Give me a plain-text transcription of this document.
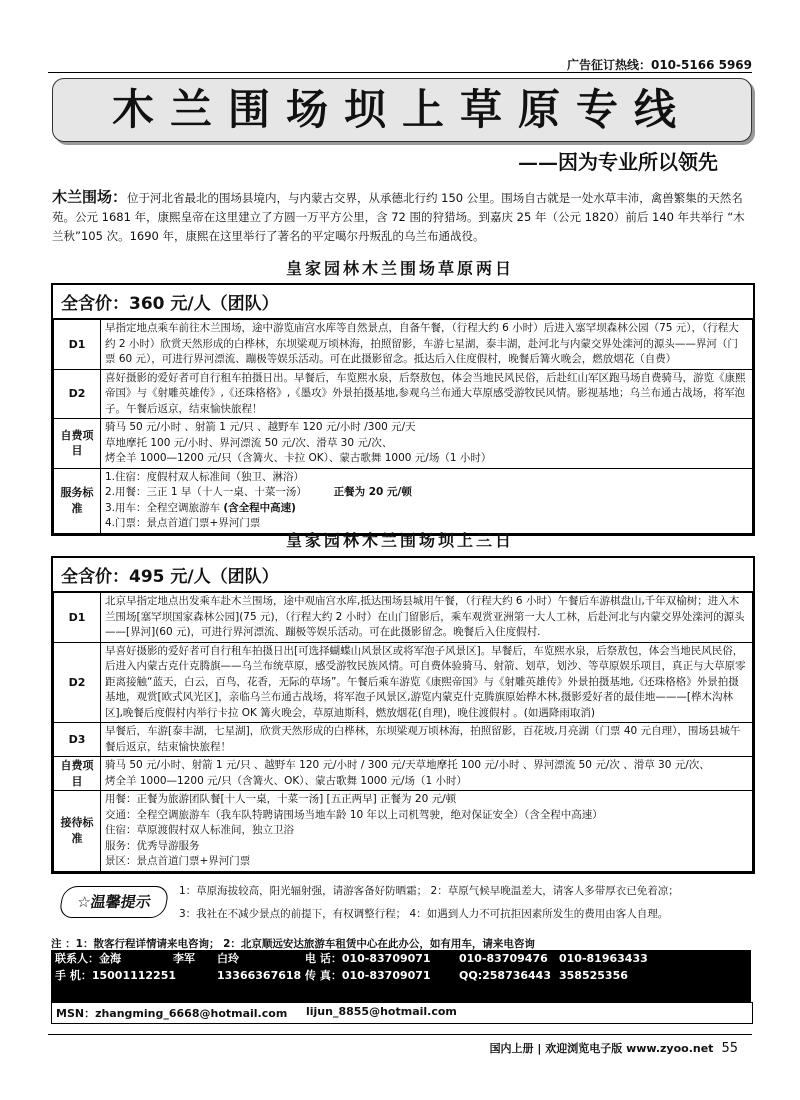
广告征订热线：010-5166 5969
木兰围场坝上草原专线
——因为专业所以领先
木兰围场：位于河北省最北的围场县境内，与内蒙古交界，从承德北行约 150 公里。围场自古就是一处水草丰沛，禽兽繁集的天然名苑。公元 1681 年，康熙皇帝在这里建立了方圆一万平方公里，含 72 围的狩猎场。到嘉庆 25 年（公元 1820）前后 140 年共举行 “木兰秋”105 次。1690 年，康熙在这里举行了著名的平定噶尔丹叛乱的乌兰布通战役。
皇家园林木兰围场草原两日
全含价：360 元/人（团队）
D1	早指定地点乘车前往木兰围场，途中游览庙宫水库等自然景点，自备午餐，（行程大约 6 小时）后进入塞罕坝森林公园（75 元），（行程大约 2 小时）欣赏天然形成的白桦林，东坝梁观万顷林海，拍照留影，车游七星湖，泰丰湖，赴河北与内蒙交界处滦河的源头——界河（门票 60 元），可进行界河漂流、蹦极等娱乐活动。可在此摄影留念。抵达后入住度假村，晚餐后篝火晚会，燃放烟花（自费）
D2	喜好摄影的爱好者可自行租车拍摄日出。早餐后，车览熙水泉，后祭敖包，体会当地民风民俗，后赴红山军区跑马场自费骑马，游览《康熙帝国》与《射雕英雄传》,《还珠格格》,《墨攻》外景拍摄基地,参观乌兰布通大草原感受游牧民风情。影视基地；乌兰布通古战场，将军泡子。午餐后返京，结束愉快旅程！
自费项目	骑马 50 元/小时 、射箭 1 元/只 、越野车 120 元/小时 /300 元/天
草地摩托 100 元/小时、界河漂流 50 元/次、滑草 30 元/次、
烤全羊 1000—1200 元/只（含篝火、卡拉 OK）、蒙古歌舞 1000 元/场（1 小时）

服务标准	1.住宿：度假村双人标准间（独卫、淋浴）
2.用餐：三正 1 早（十人一桌、十菜一汤） 正餐为 20 元/顿
3.用车：全程空调旅游车 (含全程中高速)
4.门票：景点首道门票+界河门票
皇家园林木兰围场坝上三日
全含价：495 元/人（团队）
D1	北京早指定地点出发乘车赴木兰围场，途中观庙宫水库,抵达围场县城用午餐，（行程大约 6 小时）午餐后车游棋盘山,千年双榆树；进入木兰围场[塞罕坝国家森林公园](75 元)，（行程大约 2 小时）在山门留影后，乘车观赏亚洲第一大人工林，后赴河北与内蒙交界处滦河的源头——[界河](60 元)，可进行界河漂流、蹦极等娱乐活动。可在此摄影留念。晚餐后入住度假村.
D2	早喜好摄影的爱好者可自行租车拍摄日出[可选择蝴蝶山风景区或将军泡子风景区]。早餐后，车览熙水泉，后祭敖包，体会当地民风民俗，后进入内蒙古克什克腾旗——乌兰布统草原，感受游牧民族风情。可自费体验骑马、射箭、划草，划沙、等草原娱乐项目，真正与大草原零距离接触“蓝天，白云，百鸟，花香，无际的草场”。午餐后乘车游览《康熙帝国》与《射雕英雄传》外景拍摄基地,《还珠格格》外景拍摄基地，观赏[欧式风光区]，亲临乌兰布通古战场，将军泡子风景区,游览内蒙克什克腾旗原始桦木林,摄影爱好者的最佳地———[桦木沟林区],晚餐后度假村内举行卡拉 OK 篝火晚会，草原迪斯科，燃放烟花(自理)，晚住渡假村 。(如遇降雨取消)
D3	早餐后，车游[泰丰湖，七星湖]，欣赏天然形成的白桦林，东坝梁观万顷林海，拍照留影，百花坡,月亮湖（门票 40 元自理），围场县城午餐后返京，结束愉快旅程！
自费项目	骑马 50 元/小时、射箭 1 元/只 、越野车 120 元/小时 / 300 元/天草地摩托 100 元/小时 、界河漂流 50 元/次 、滑草 30 元/次、
烤全羊 1000—1200 元/只（含篝火、OK）、蒙古歌舞 1000 元/场（1 小时）

接待标准	用餐：正餐为旅游团队餐[十人一桌，十菜一汤] [五正两早] 正餐为 20 元/顿
交通：全程空调旅游车（我车队特聘请围场当地车龄 10 年以上司机驾驶，绝对保证安全）（含全程中高速）
住宿：草原渡假村双人标准间，独立卫浴
服务：优秀导游服务
景区：景点首道门票+界河门票
☆温馨提示
1：草原海拔较高，阳光辐射强，请游客备好防晒霜； 2：草原气候早晚温差大，请客人多带厚衣已免着凉；
3：我社在不减少景点的前提下，有权调整行程； 4：如遇到人力不可抗拒因素所发生的费用由客人自理。
注 ：1：散客行程详情请来电咨询； 2：北京顺远安达旅游车租赁中心在此办公，如有用车，请来电咨询
联系人：金海	李军 白玲	电 话：010-83709071	010-83709476 010-81963433
手 机：15001112251	13366367618 传 真：010-83709071	QQ:258736443 358525356
MSN：zhangming_6668@hotmail.com lijun_8855@hotmail.com
国内上册 | 欢迎浏览电子版 www.zyoo.net 55
